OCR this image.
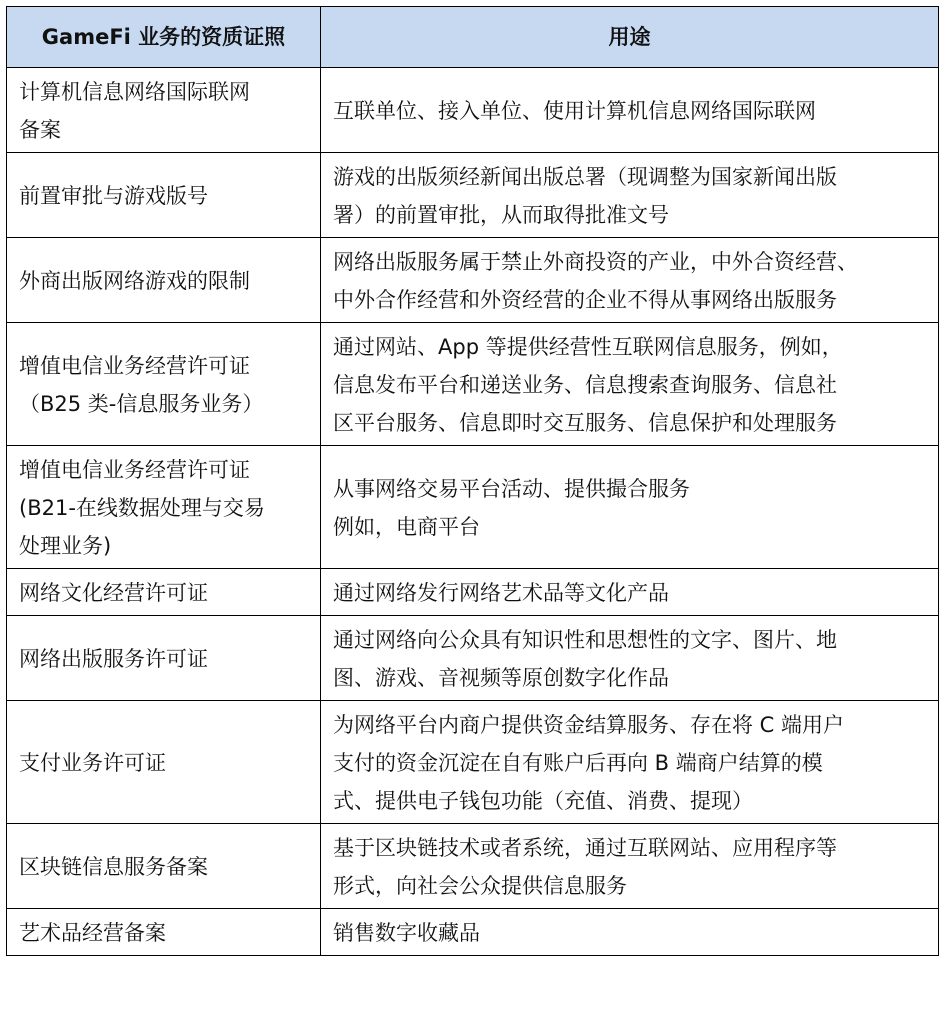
GameFi 业务的资质证照	用途

计算机信息网络国际联网
备案	互联单位、接入单位、使用计算机信息网络国际联网

前置审批与游戏版号	游戏的出版须经新闻出版总署（现调整为国家新闻出版
署）的前置审批，从而取得批准文号

外商出版网络游戏的限制	网络出版服务属于禁止外商投资的产业，中外合资经营、
中外合作经营和外资经营的企业不得从事网络出版服务

增值电信业务经营许可证
（B25 类-信息服务业务）	通过网站、App 等提供经营性互联网信息服务，例如，
信息发布平台和递送业务、信息搜索查询服务、信息社
区平台服务、信息即时交互服务、信息保护和处理服务

增值电信业务经营许可证
(B21-在线数据处理与交易
处理业务)	从事网络交易平台活动、提供撮合服务
例如，电商平台

网络文化经营许可证	通过网络发行网络艺术品等文化产品

网络出版服务许可证	通过网络向公众具有知识性和思想性的文字、图片、地
图、游戏、音视频等原创数字化作品

支付业务许可证	为网络平台内商户提供资金结算服务、存在将 C 端用户
支付的资金沉淀在自有账户后再向 B 端商户结算的模
式、提供电子钱包功能（充值、消费、提现）

区块链信息服务备案	基于区块链技术或者系统，通过互联网站、应用程序等
形式，向社会公众提供信息服务

艺术品经营备案	销售数字收藏品
